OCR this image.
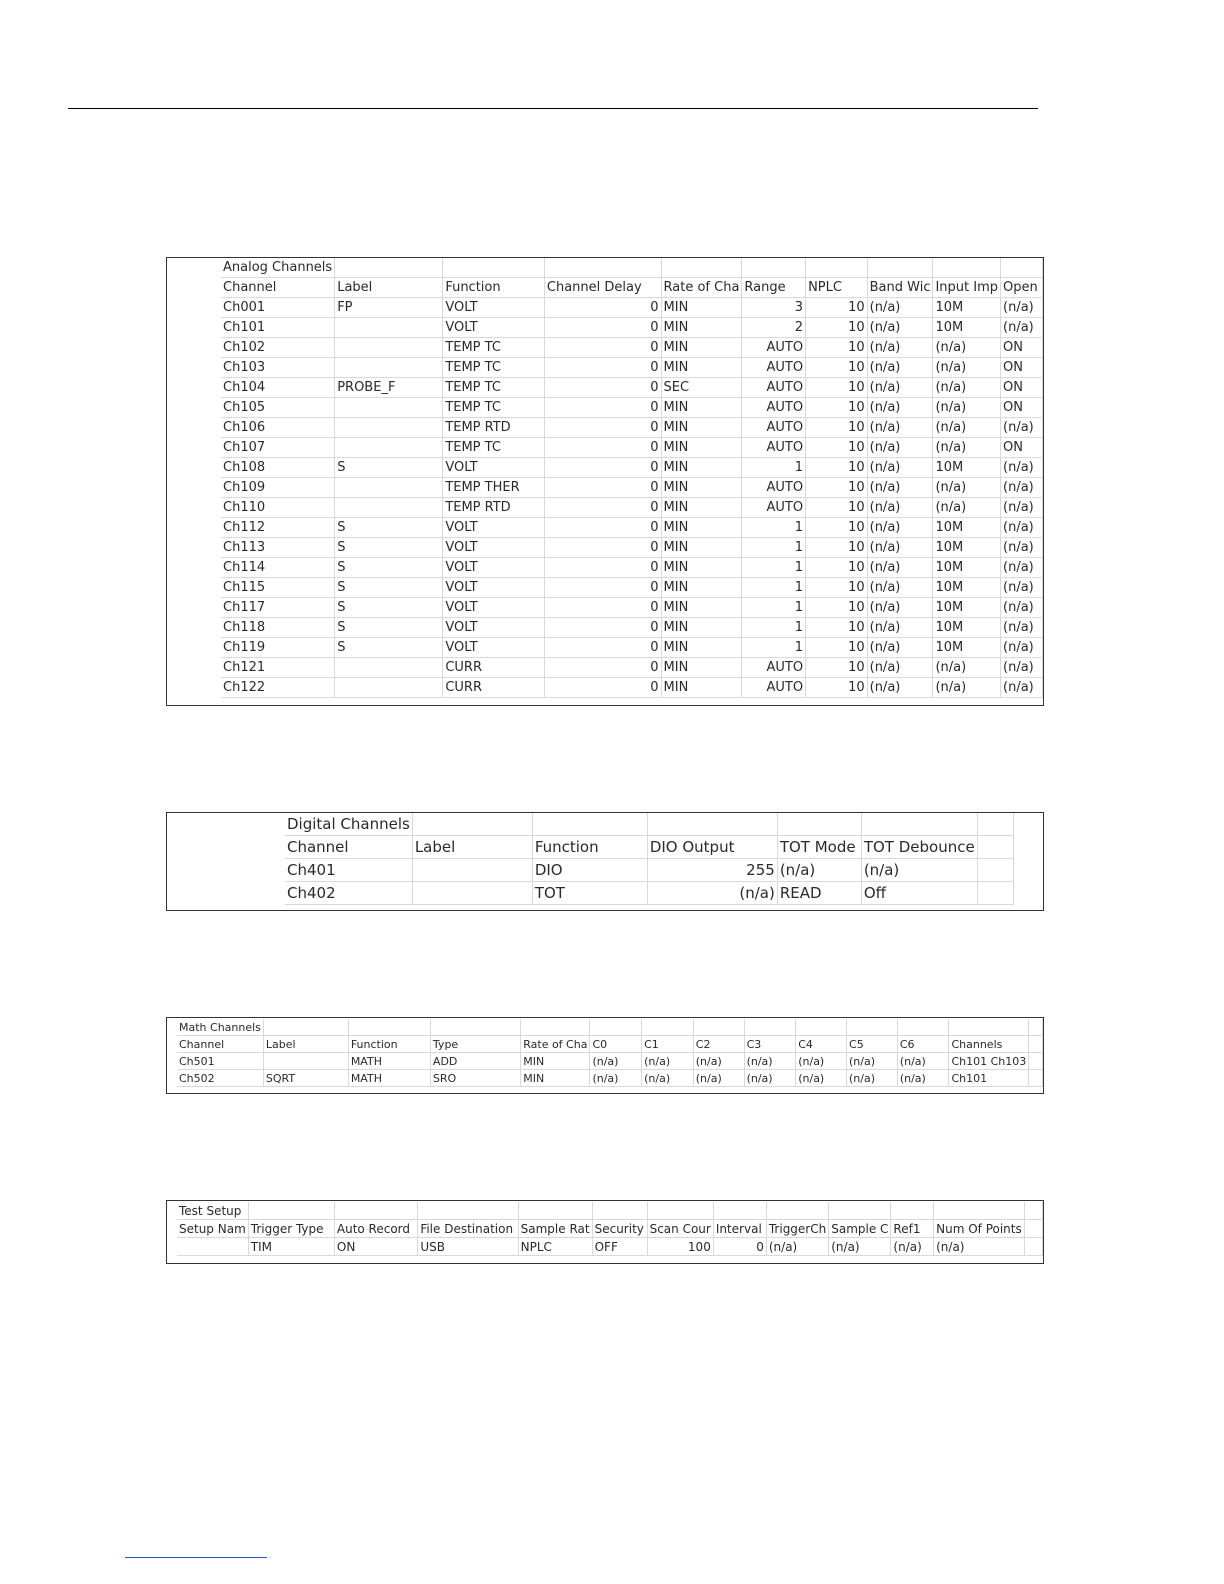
Analog Channels									
Channel	Label	Function	Channel Delay	Rate of Cha	Range	NPLC	Band Wic	Input Imp	Open
Ch001	FP	VOLT	0	MIN	3	10	(n/a)	10M	(n/a)
Ch101		VOLT	0	MIN	2	10	(n/a)	10M	(n/a)
Ch102		TEMP TC	0	MIN	AUTO	10	(n/a)	(n/a)	ON
Ch103		TEMP TC	0	MIN	AUTO	10	(n/a)	(n/a)	ON
Ch104	PROBE_F	TEMP TC	0	SEC	AUTO	10	(n/a)	(n/a)	ON
Ch105		TEMP TC	0	MIN	AUTO	10	(n/a)	(n/a)	ON
Ch106		TEMP RTD	0	MIN	AUTO	10	(n/a)	(n/a)	(n/a)
Ch107		TEMP TC	0	MIN	AUTO	10	(n/a)	(n/a)	ON
Ch108	S	VOLT	0	MIN	1	10	(n/a)	10M	(n/a)
Ch109		TEMP THER	0	MIN	AUTO	10	(n/a)	(n/a)	(n/a)
Ch110		TEMP RTD	0	MIN	AUTO	10	(n/a)	(n/a)	(n/a)
Ch112	S	VOLT	0	MIN	1	10	(n/a)	10M	(n/a)
Ch113	S	VOLT	0	MIN	1	10	(n/a)	10M	(n/a)
Ch114	S	VOLT	0	MIN	1	10	(n/a)	10M	(n/a)
Ch115	S	VOLT	0	MIN	1	10	(n/a)	10M	(n/a)
Ch117	S	VOLT	0	MIN	1	10	(n/a)	10M	(n/a)
Ch118	S	VOLT	0	MIN	1	10	(n/a)	10M	(n/a)
Ch119	S	VOLT	0	MIN	1	10	(n/a)	10M	(n/a)
Ch121		CURR	0	MIN	AUTO	10	(n/a)	(n/a)	(n/a)
Ch122		CURR	0	MIN	AUTO	10	(n/a)	(n/a)	(n/a)
Digital Channels						
Channel	Label	Function	DIO Output	TOT Mode	TOT Debounce	
Ch401		DIO	255	(n/a)	(n/a)	
Ch402		TOT	(n/a)	READ	Off	
Math Channels													
Channel	Label	Function	Type	Rate of Cha	C0	C1	C2	C3	C4	C5	C6	Channels	
Ch501		MATH	ADD	MIN	(n/a)	(n/a)	(n/a)	(n/a)	(n/a)	(n/a)	(n/a)	Ch101 Ch103	
Ch502	SQRT	MATH	SRO	MIN	(n/a)	(n/a)	(n/a)	(n/a)	(n/a)	(n/a)	(n/a)	Ch101	
Test Setup												
Setup Nam	Trigger Type	Auto Record	File Destination	Sample Rat	Security	Scan Cour	Interval	TriggerCh	Sample C	Ref1	Num Of Points	
	TIM	ON	USB	NPLC	OFF	100	0	(n/a)	(n/a)	(n/a)	(n/a)	
